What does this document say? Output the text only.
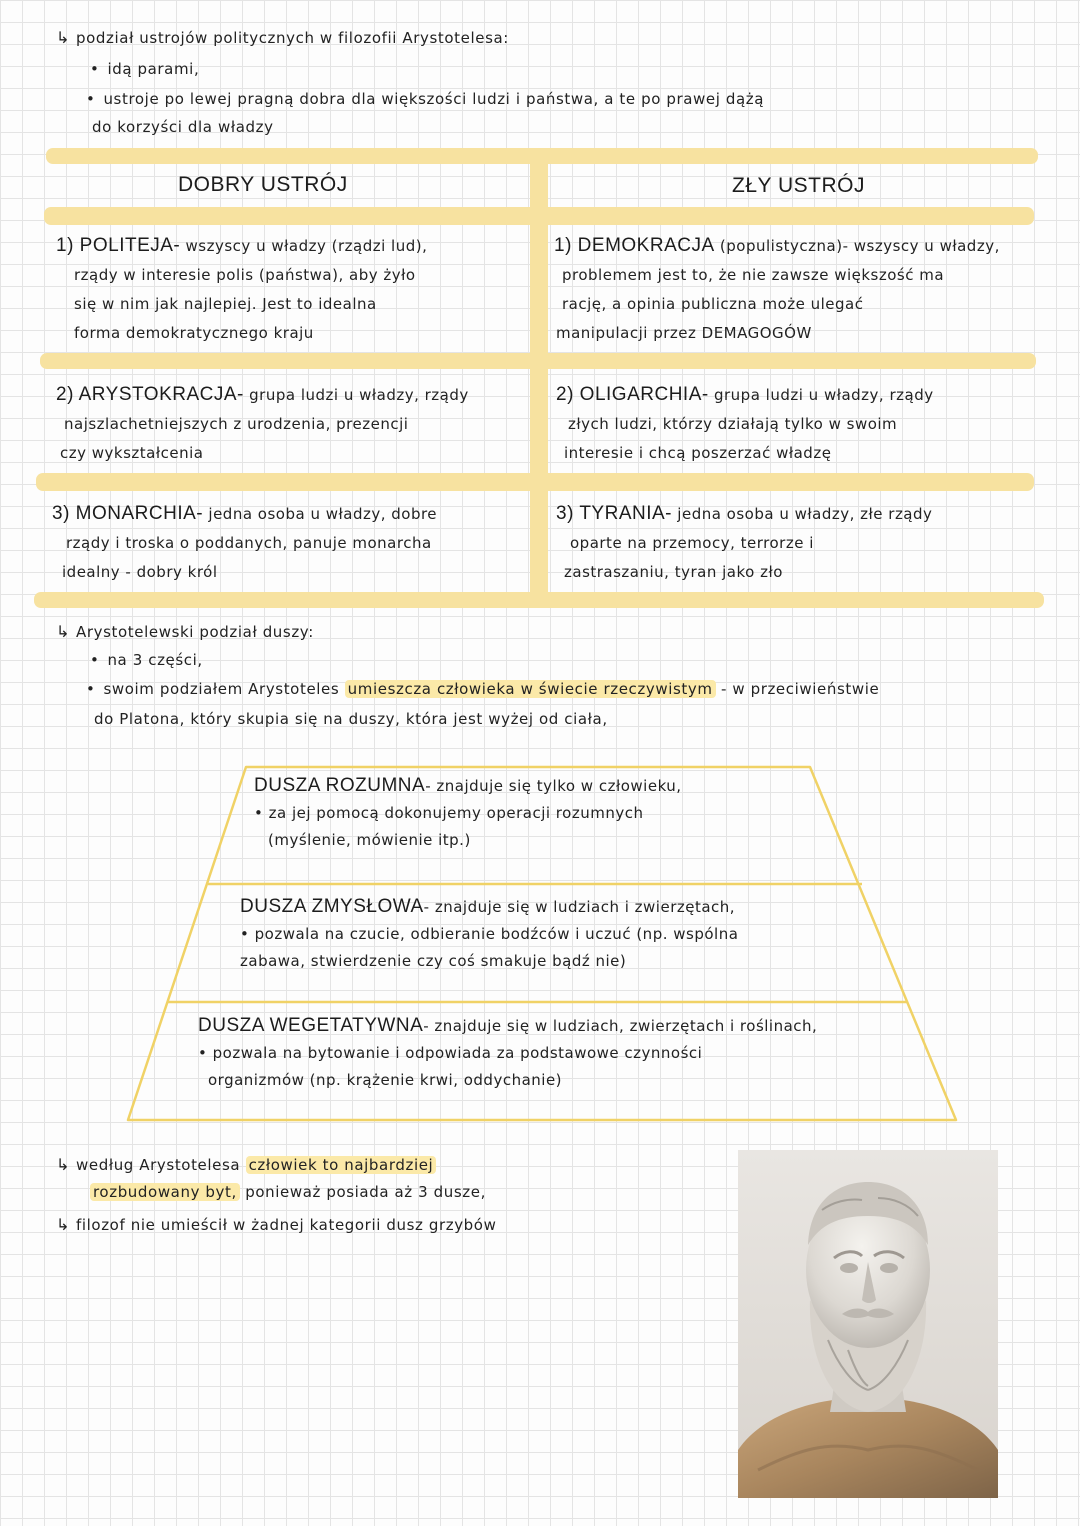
↳ podział ustrojów politycznych w filozofii Arystotelesa:
• idą parami,
• ustroje po lewej pragną dobra dla większości ludzi i państwa, a te po prawej dążą
do korzyści dla władzy
DOBRY USTRÓJ	ZŁY USTRÓJ
1) POLITEJA- wszyscy u władzy (rządzi lud),
rządy w interesie polis (państwa), aby żyło
się w nim jak najlepiej. Jest to idealna
forma demokratycznego kraju
1) DEMOKRACJA (populistyczna)- wszyscy u władzy,
problemem jest to, że nie zawsze większość ma
rację, a opinia publiczna może ulegać
manipulacji przez DEMAGOGÓW
2) ARYSTOKRACJA- grupa ludzi u władzy, rządy
najszlachetniejszych z urodzenia, prezencji
czy wykształcenia
2) OLIGARCHIA- grupa ludzi u władzy, rządy
złych ludzi, którzy działają tylko w swoim
interesie i chcą poszerzać władzę
3) MONARCHIA- jedna osoba u władzy, dobre
rządy i troska o poddanych, panuje monarcha
idealny - dobry król
3) TYRANIA- jedna osoba u władzy, złe rządy
oparte na przemocy, terrorze i
zastraszaniu, tyran jako zło
↳ Arystotelewski podział duszy:
• na 3 części,
• swoim podziałem Arystoteles umieszcza człowieka w świecie rzeczywistym - w przeciwieństwie
do Platona, który skupia się na duszy, która jest wyżej od ciała,
DUSZA ROZUMNA- znajduje się tylko w człowieku,
• za jej pomocą dokonujemy operacji rozumnych
(myślenie, mówienie itp.)
DUSZA ZMYSŁOWA- znajduje się w ludziach i zwierzętach,
• pozwala na czucie, odbieranie bodźców i uczuć (np. wspólna
zabawa, stwierdzenie czy coś smakuje bądź nie)
DUSZA WEGETATYWNA- znajduje się w ludziach, zwierzętach i roślinach,
• pozwala na bytowanie i odpowiada za podstawowe czynności
organizmów (np. krążenie krwi, oddychanie)
↳ według Arystotelesa człowiek to najbardziej
rozbudowany byt, ponieważ posiada aż 3 dusze,
↳ filozof nie umieścił w żadnej kategorii dusz grzybów
